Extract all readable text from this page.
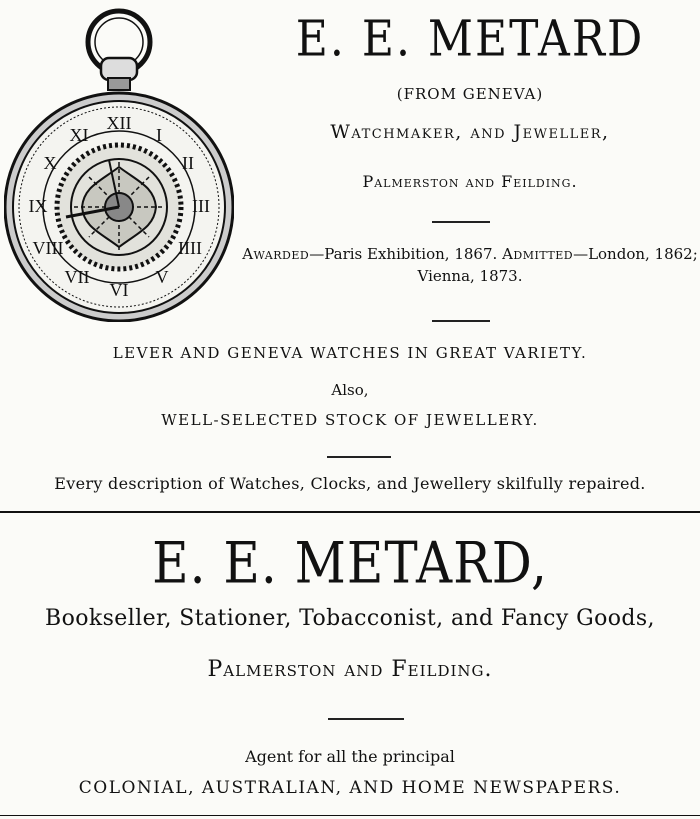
XII
I
II
III
IIII
V
VI
VII
VIII
IX
X
XI
E. E. METARD
(FROM GENEVA)
Watchmaker, and Jeweller,
Palmerston and Feilding.
Awarded—Paris Exhibition, 1867. Admitted—London, 1862; Vienna, 1873.
LEVER AND GENEVA WATCHES IN GREAT VARIETY.
Also,
WELL-SELECTED STOCK OF JEWELLERY.
Every description of Watches, Clocks, and Jewellery skilfully repaired.
E. E. METARD,
Bookseller, Stationer, Tobacconist, and Fancy Goods,
Palmerston and Feilding.
Agent for all the principal
COLONIAL, AUSTRALIAN, AND HOME NEWSPAPERS.
